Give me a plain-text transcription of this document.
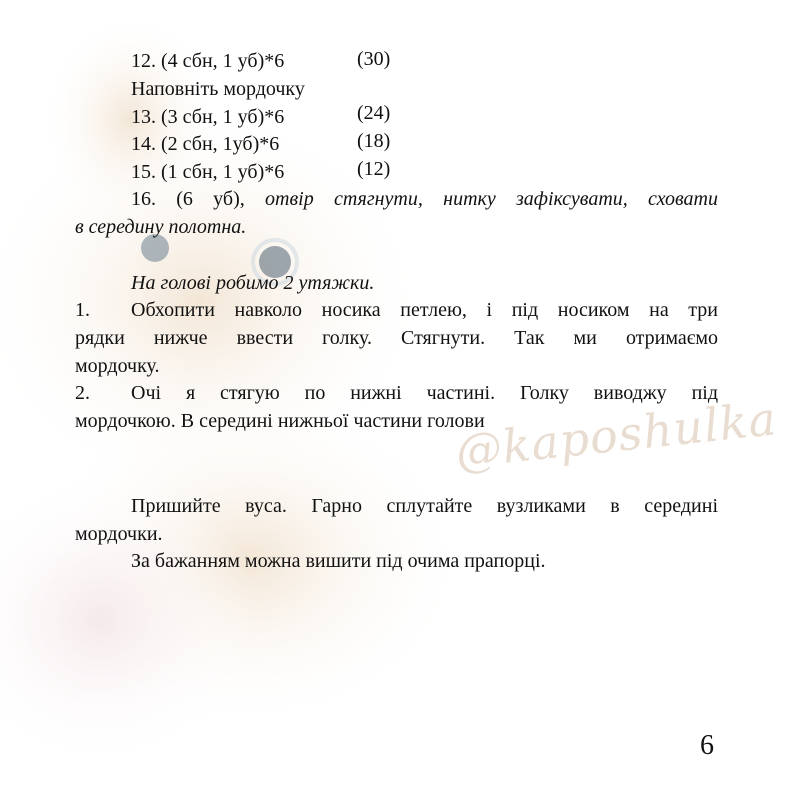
@kaposhulka
12. (4 сбн, 1 уб)*6	(30)
Наповніть мордочку
13. (3 сбн, 1 уб)*6	(24)
14. (2 сбн, 1уб)*6	(18)
15. (1 сбн, 1 уб)*6	(12)
16. (6 уб), отвір стягнути, нитку зафіксувати, сховати
в середину полотна.
На голові робимо 2 утяжки.
1. Обхопити навколо носика петлею, і під носиком на три
рядки нижче ввести голку. Стягнути. Так ми отримаємо
мордочку.
2. Очі я стягую по нижні частині. Голку виводжу під
мордочкою. В середині нижньої частини голови
Пришийте вуса. Гарно сплутайте вузликами в середині
мордочки.
За бажанням можна вишити під очима прапорці.
6
